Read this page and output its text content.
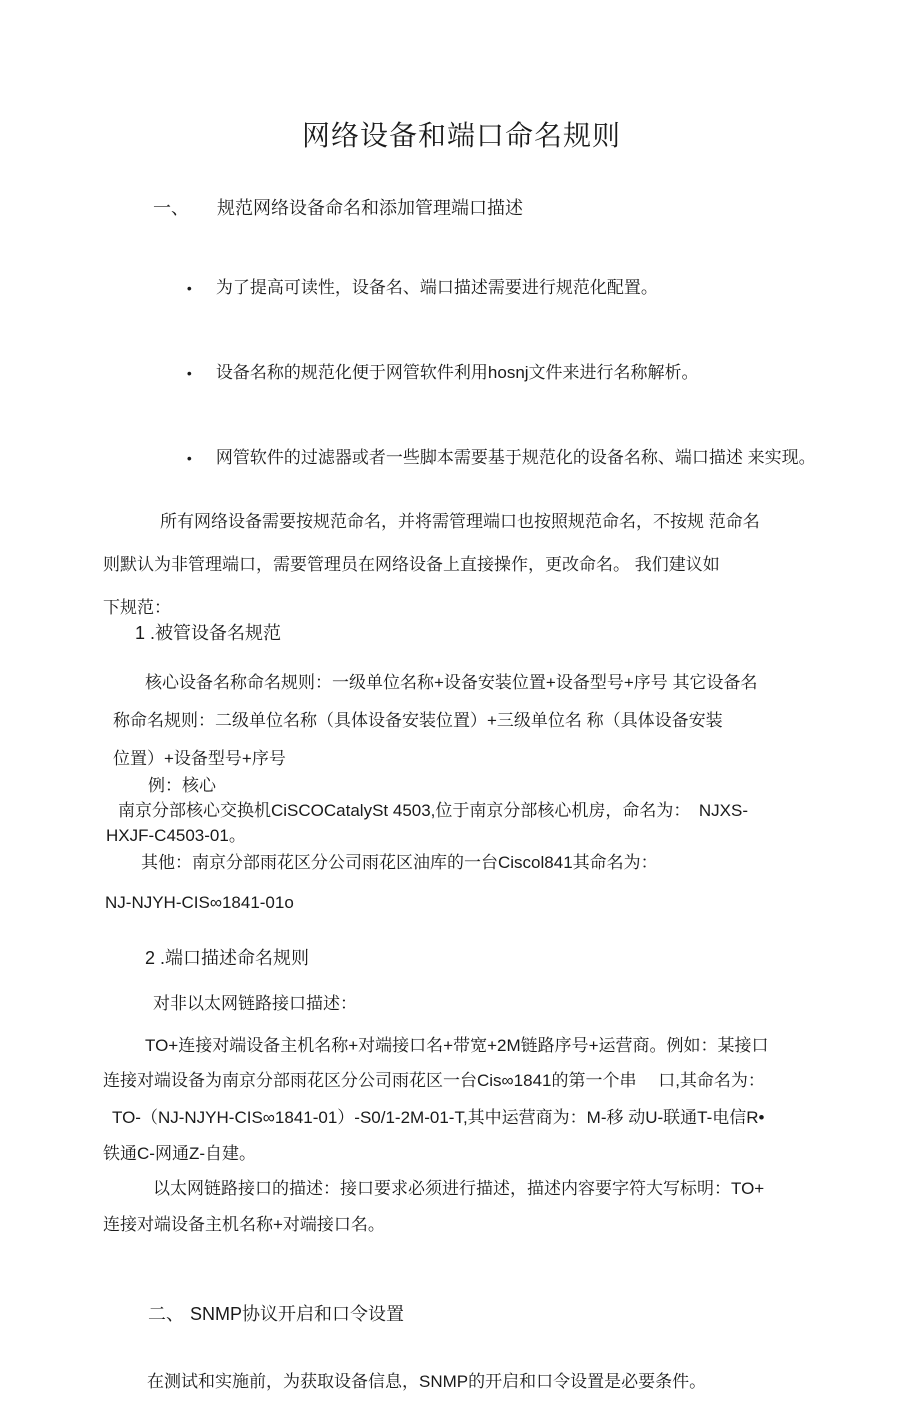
网络设备和端口命名规则

一、 规范网络设备命名和添加管理端口描述

• 为了提高可读性，设备名、端口描述需要进行规范化配置。

• 设备名称的规范化便于网管软件利用hosnj文件来进行名称解析。

• 网管软件的过滤器或者一些脚本需要基于规范化的设备名称、端口描述 来实现。

所有网络设备需要按规范命名，并将需管理端口也按照规范命名，不按规 范命名
则默认为非管理端口，需要管理员在网络设备上直接操作，更改命名。 我们建议如
下规范：
1 .被管设备名规范
核心设备名称命名规则：一级单位名称+设备安装位置+设备型号+序号 其它设备名
称命名规则：二级单位名称（具体设备安装位置）+三级单位名 称（具体设备安装
位置）+设备型号+序号
例：核心
南京分部核心交换机CiSCOCatalySt 4503,位于南京分部核心机房，命名为：　NJXS-
HXJF-C4503-01。
其他：南京分部雨花区分公司雨花区油库的一台Ciscol841其命名为：
NJ-NJYH-CIS∞1841-01o
2 .端口描述命名规则
对非以太网链路接口描述：
TO+连接对端设备主机名称+对端接口名+带宽+2M链路序号+运营商。例如：某接口
连接对端设备为南京分部雨花区分公司雨花区一台Cis∞1841的第一个串　 口,其命名为：
TO-（NJ-NJYH-CIS∞1841-01）-S0/1-2M-01-T,其中运营商为：M-移 动U-联通T-电信R•
铁通C-网通Z-自建。
以太网链路接口的描述：接口要求必须进行描述，描述内容要字符大写标明：TO+
连接对端设备主机名称+对端接口名。

二、 SNMP协议开启和口令设置

在测试和实施前，为获取设备信息，SNMP的开启和口令设置是必要条件。
